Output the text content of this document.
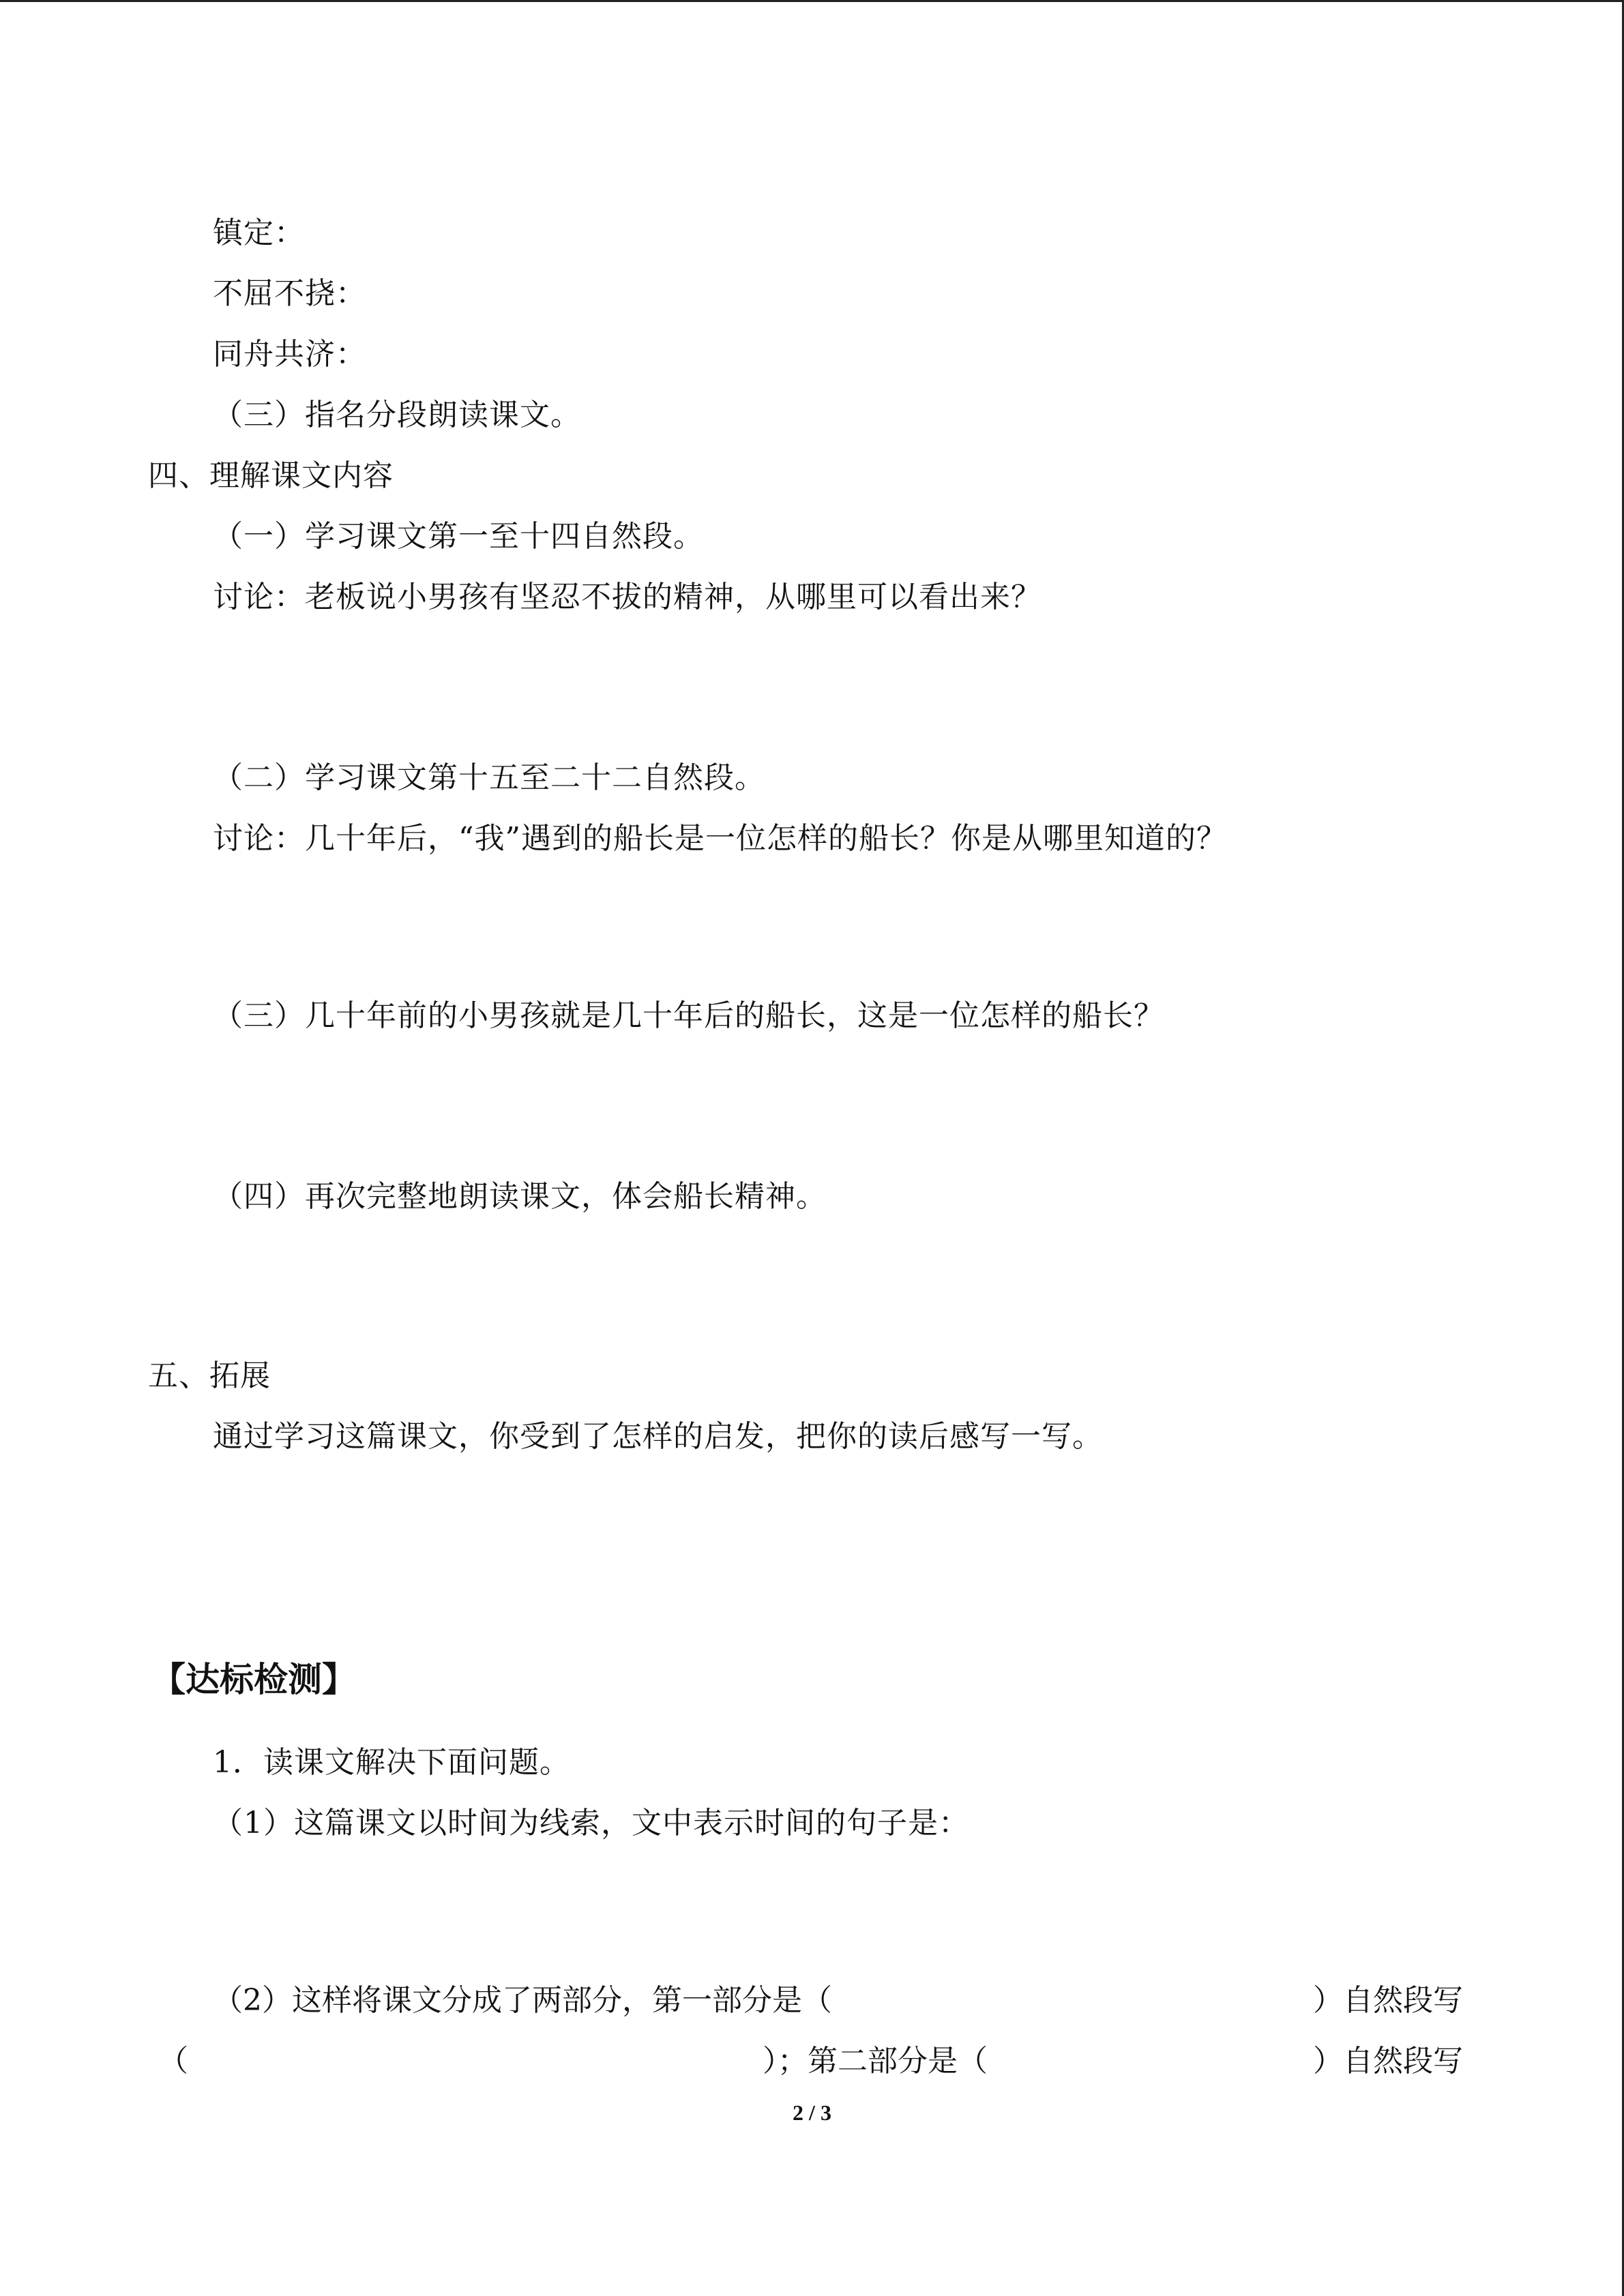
镇定：
不屈不挠：
同舟共济：
（三）指名分段朗读课文。
四、理解课文内容
（一）学习课文第一至十四自然段。
讨论：老板说小男孩有坚忍不拔的精神，从哪里可以看出来？
（二）学习课文第十五至二十二自然段。
讨论：几十年后，“我”遇到的船长是一位怎样的船长？你是从哪里知道的？
（三）几十年前的小男孩就是几十年后的船长，这是一位怎样的船长？
（四）再次完整地朗读课文，体会船长精神。
五、拓展
通过学习这篇课文，你受到了怎样的启发，把你的读后感写一写。
【达标检测】
1．读课文解决下面问题。
（1）这篇课文以时间为线索，文中表示时间的句子是：
（2）这样将课文分成了两部分，第一部分是（	）自然段写
（	）；第二部分是（	）自然段写
2 / 3
